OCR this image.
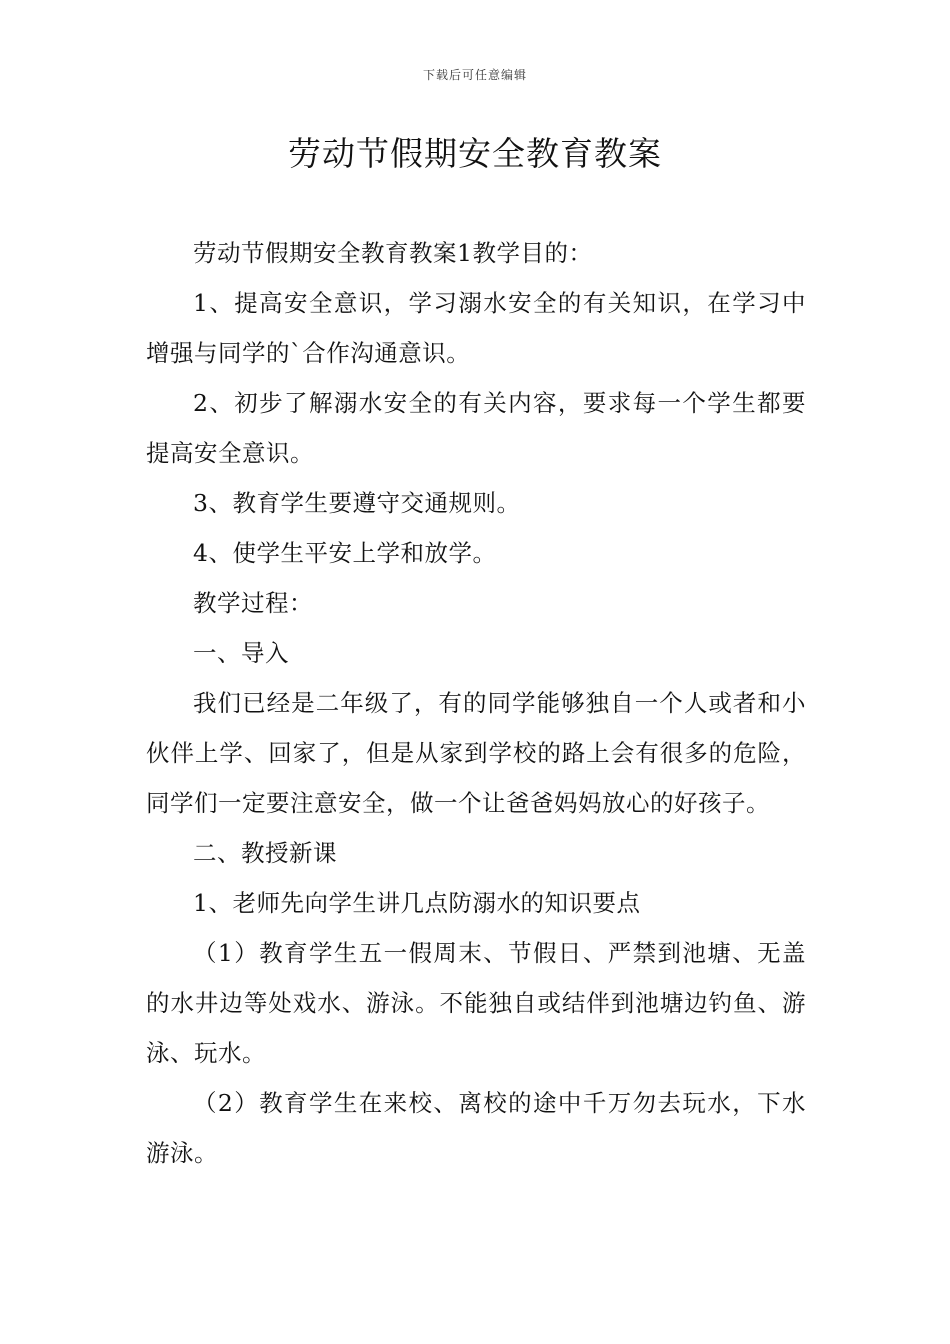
下载后可任意编辑
劳动节假期安全教育教案

劳动节假期安全教育教案1教学目的：

1、提高安全意识，学习溺水安全的有关知识，在学习中增强与同学的`合作沟通意识。

2、初步了解溺水安全的有关内容，要求每一个学生都要提高安全意识。

3、教育学生要遵守交通规则。

4、使学生平安上学和放学。

教学过程：

一、导入

我们已经是二年级了，有的同学能够独自一个人或者和小伙伴上学、回家了，但是从家到学校的路上会有很多的危险，同学们一定要注意安全，做一个让爸爸妈妈放心的好孩子。

二、教授新课

1、老师先向学生讲几点防溺水的知识要点

（1）教育学生五一假周末、节假日、严禁到池塘、无盖的水井边等处戏水、游泳。不能独自或结伴到池塘边钓鱼、游泳、玩水。

（2）教育学生在来校、离校的途中千万勿去玩水，下水游泳。
